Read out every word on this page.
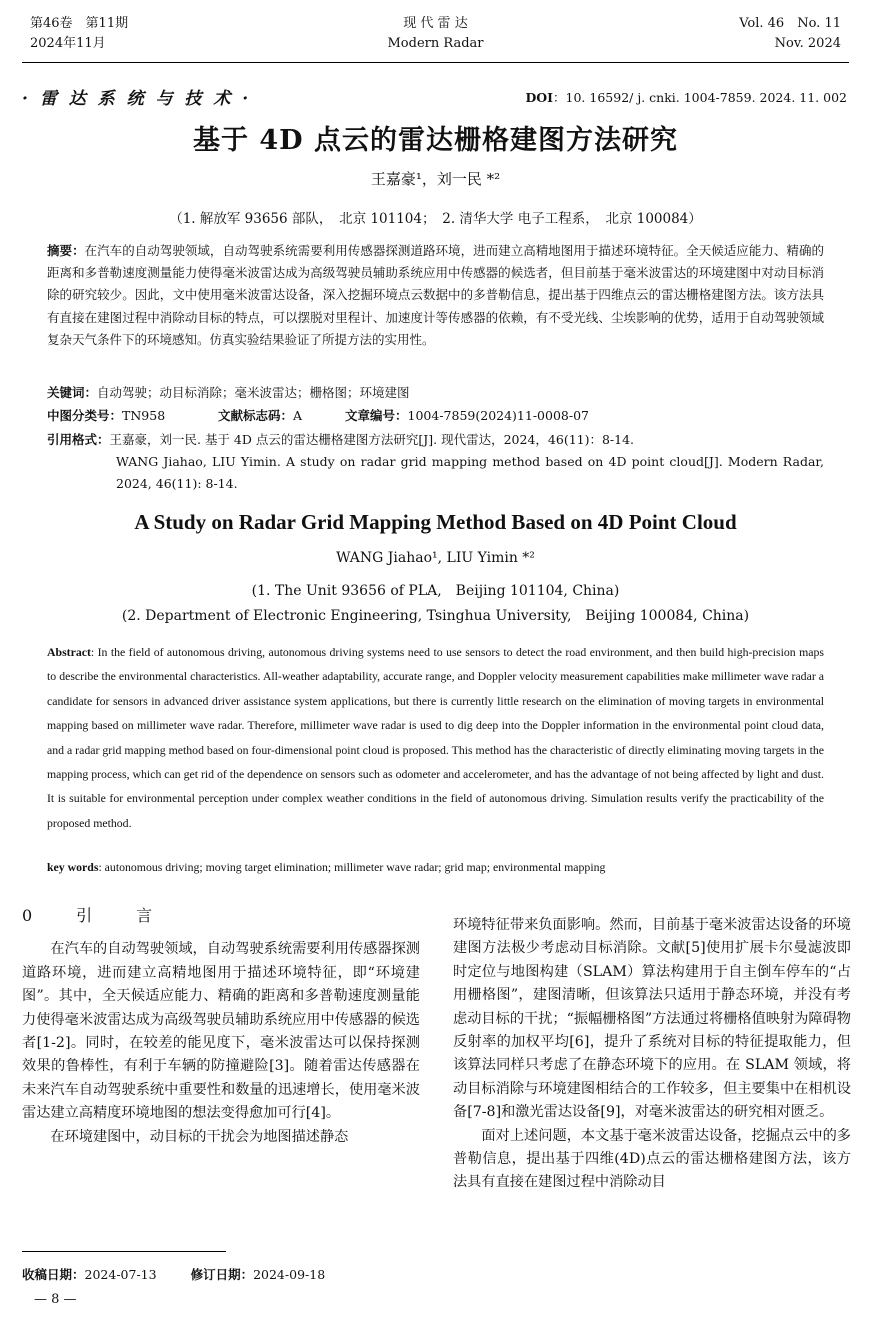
第46卷　第11期
2024年11月
现 代 雷 达
Modern Radar
Vol. 46　No. 11
Nov. 2024
· 雷 达 系 统 与 技 术 ·	DOI：10. 16592/ j. cnki. 1004-7859. 2024. 11. 002
基于 4D 点云的雷达栅格建图方法研究
王嘉豪¹，刘一民 *²
（1. 解放军 93656 部队，　北京 101104；　2. 清华大学 电子工程系，　北京 100084）
摘要：在汽车的自动驾驶领域，自动驾驶系统需要利用传感器探测道路环境，进而建立高精地图用于描述环境特征。全天候适应能力、精确的距离和多普勒速度测量能力使得毫米波雷达成为高级驾驶员辅助系统应用中传感器的候选者，但目前基于毫米波雷达的环境建图中对动目标消除的研究较少。因此，文中使用毫米波雷达设备，深入挖掘环境点云数据中的多普勒信息，提出基于四维点云的雷达栅格建图方法。该方法具有直接在建图过程中消除动目标的特点，可以摆脱对里程计、加速度计等传感器的依赖，有不受光线、尘埃影响的优势，适用于自动驾驶领域复杂天气条件下的环境感知。仿真实验结果验证了所提方法的实用性。
关键词：自动驾驶；动目标消除；毫米波雷达；栅格图；环境建图
中图分类号：TN958	文献标志码：A	文章编号：1004-7859(2024)11-0008-07
引用格式：王嘉豪，刘一民. 基于 4D 点云的雷达栅格建图方法研究[J]. 现代雷达，2024，46(11)：8-14.
WANG Jiahao, LIU Yimin. A study on radar grid mapping method based on 4D point cloud[J]. Modern Radar, 2024, 46(11): 8-14.
A Study on Radar Grid Mapping Method Based on 4D Point Cloud
WANG Jiahao¹, LIU Yimin *²
(1. The Unit 93656 of PLA,　Beijing 101104, China)
(2. Department of Electronic Engineering, Tsinghua University,　Beijing 100084, China)
Abstract: In the field of autonomous driving, autonomous driving systems need to use sensors to detect the road environment, and then build high-precision maps to describe the environmental characteristics. All-weather adaptability, accurate range, and Doppler velocity measurement capabilities make millimeter wave radar a candidate for sensors in advanced driver assistance system applications, but there is currently little research on the elimination of moving targets in environmental mapping based on millimeter wave radar. Therefore, millimeter wave radar is used to dig deep into the Doppler information in the environmental point cloud data, and a radar grid mapping method based on four-dimensional point cloud is proposed. This method has the characteristic of directly eliminating moving targets in the mapping process, which can get rid of the dependence on sensors such as odometer and accelerometer, and has the advantage of not being affected by light and dust. It is suitable for environmental perception under complex weather conditions in the field of autonomous driving. Simulation results verify the practicability of the proposed method.
key words: autonomous driving; moving target elimination; millimeter wave radar; grid map; environmental mapping
0　引　言

在汽车的自动驾驶领域，自动驾驶系统需要利用传感器探测道路环境，进而建立高精地图用于描述环境特征，即“环境建图”。其中，全天候适应能力、精确的距离和多普勒速度测量能力使得毫米波雷达成为高级驾驶员辅助系统应用中传感器的候选者[1-2]。同时，在较差的能见度下，毫米波雷达可以保持探测效果的鲁棒性，有利于车辆的防撞避险[3]。随着雷达传感器在未来汽车自动驾驶系统中重要性和数量的迅速增长，使用毫米波雷达建立高精度环境地图的想法变得愈加可行[4]。

在环境建图中，动目标的干扰会为地图描述静态

环境特征带来负面影响。然而，目前基于毫米波雷达设备的环境建图方法极少考虑动目标消除。文献[5]使用扩展卡尔曼滤波即时定位与地图构建（SLAM）算法构建用于自主倒车停车的“占用栅格图”，建图清晰，但该算法只适用于静态环境，并没有考虑动目标的干扰；“振幅栅格图”方法通过将栅格值映射为障碍物反射率的加权平均[6]，提升了系统对目标的特征提取能力，但该算法同样只考虑了在静态环境下的应用。在 SLAM 领域，将动目标消除与环境建图相结合的工作较多，但主要集中在相机设备[7-8]和激光雷达设备[9]，对毫米波雷达的研究相对匮乏。

面对上述问题，本文基于毫米波雷达设备，挖掘点云中的多普勒信息，提出基于四维(4D)点云的雷达栅格建图方法，该方法具有直接在建图过程中消除动目

收稿日期：2024-07-13	修订日期：2024-09-18
— 8 —
